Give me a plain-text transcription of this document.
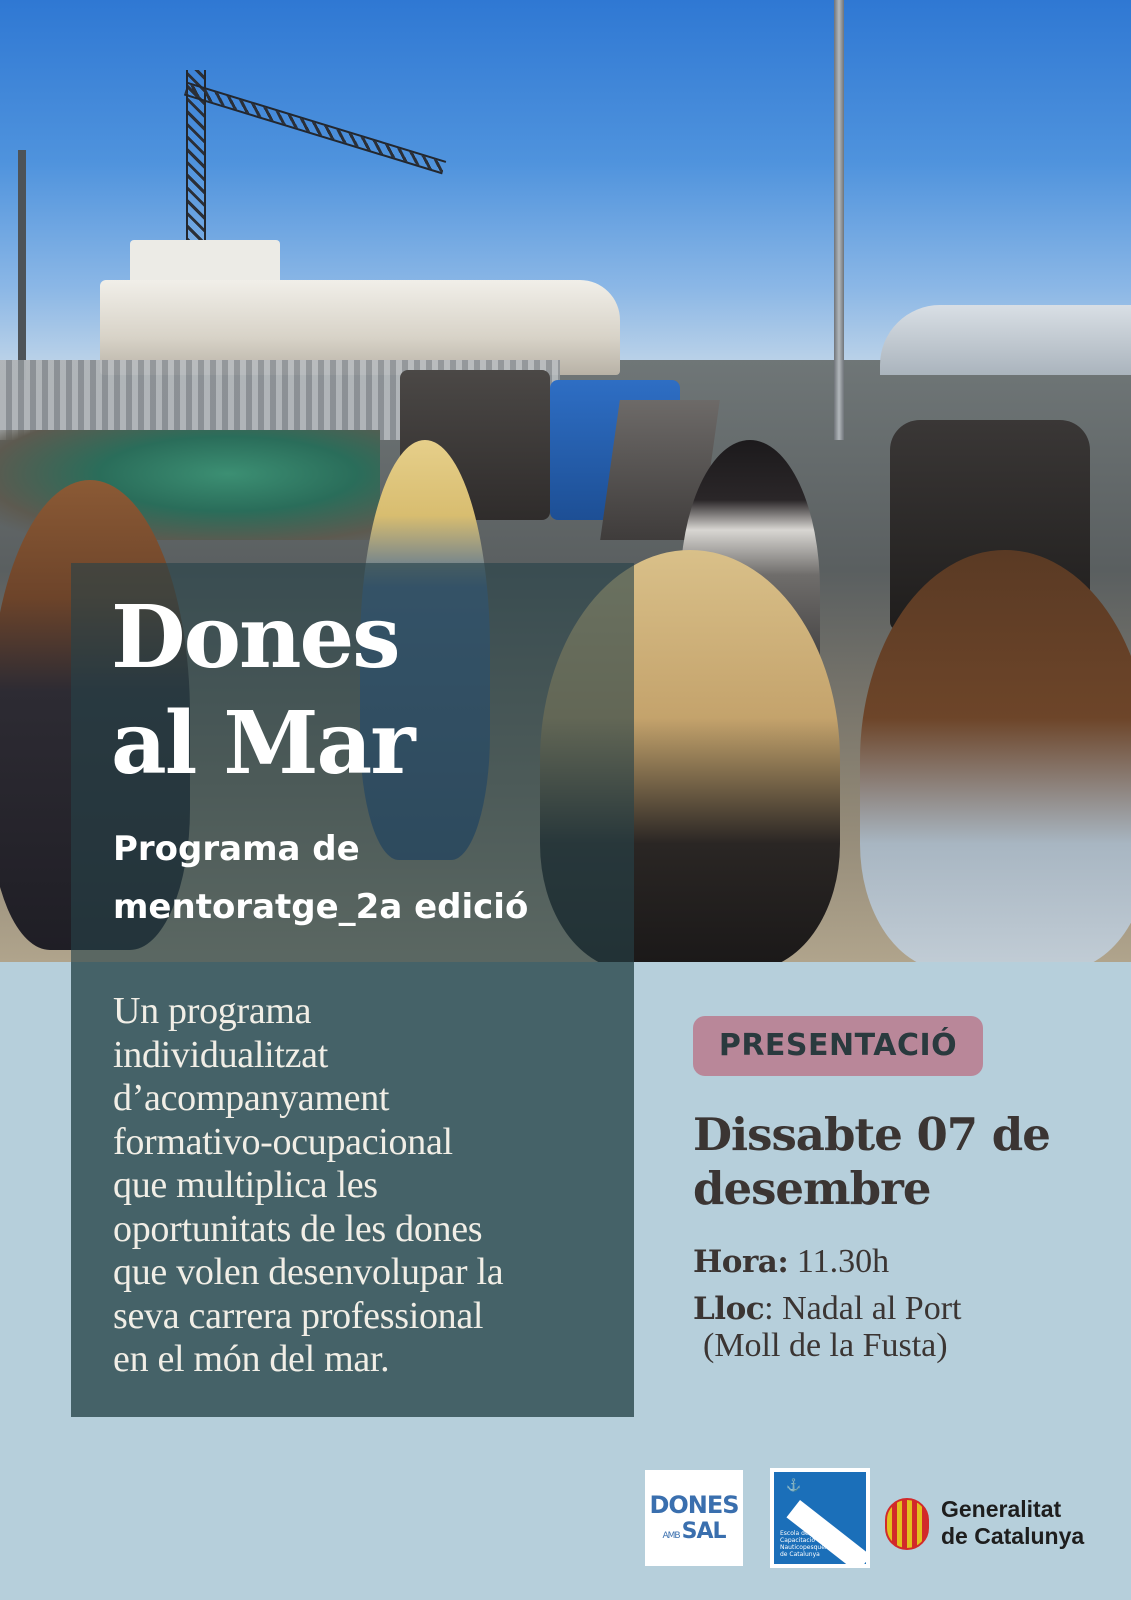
Dones
al Mar

Programa de
mentoratge_2a edició

Un programa
individualitzat
d’acompanyament
formativo-ocupacional
que multiplica les
oportunitats de les dones
que volen desenvolupar la
seva carrera professional
en el món del mar.

PRESENTACIÓ

Dissabte 07 de
desembre

Hora: 11.30h

Lloc: Nadal al Port

(Moll de la Fusta)

DONES
AMBSAL
⚓
Escola de Capacitació Nauticopesquera de Catalunya

Generalitat
de Catalunya
